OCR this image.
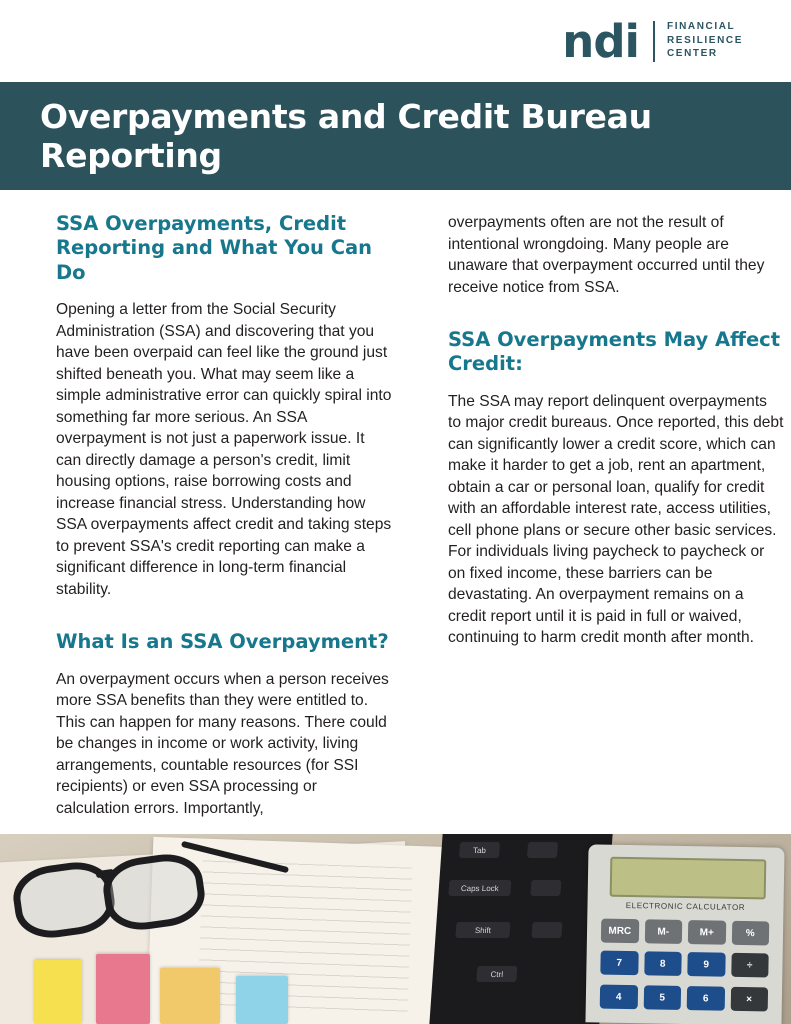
ndi	FINANCIAL
RESILIENCE
CENTER
Overpayments and Credit Bureau Reporting
SSA Overpayments, Credit Reporting and What You Can Do

Opening a letter from the Social Security Administration (SSA) and discovering that you have been overpaid can feel like the ground just shifted beneath you. What may seem like a simple administrative error can quickly spiral into something far more serious. An SSA overpayment is not just a paperwork issue. It can directly damage a person's credit, limit housing options, raise borrowing costs and increase financial stress. Understanding how SSA overpayments affect credit and taking steps to prevent SSA's credit reporting can make a significant difference in long-term financial stability.

What Is an SSA Overpayment?

An overpayment occurs when a person receives more SSA benefits than they were entitled to. This can happen for many reasons. There could be changes in income or work activity, living arrangements, countable resources (for SSI recipients) or even SSA processing or calculation errors. Importantly,

overpayments often are not the result of intentional wrongdoing. Many people are unaware that overpayment occurred until they receive notice from SSA.

SSA Overpayments May Affect Credit:

The SSA may report delinquent overpayments to major credit bureaus. Once reported, this debt can significantly lower a credit score, which can make it harder to get a job, rent an apartment, obtain a car or personal loan, qualify for credit with an affordable interest rate, access utilities, cell phone plans or secure other basic services. For individuals living paycheck to paycheck or on fixed income, these barriers can be devastating. An overpayment remains on a credit report until it is paid in full or waived, continuing to harm credit month after month.

Tab
Caps Lock
Shift
Ctrl
ELECTRONIC CALCULATOR
MRC	M-	M+	%
7	8	9	÷
4	5	6	×
